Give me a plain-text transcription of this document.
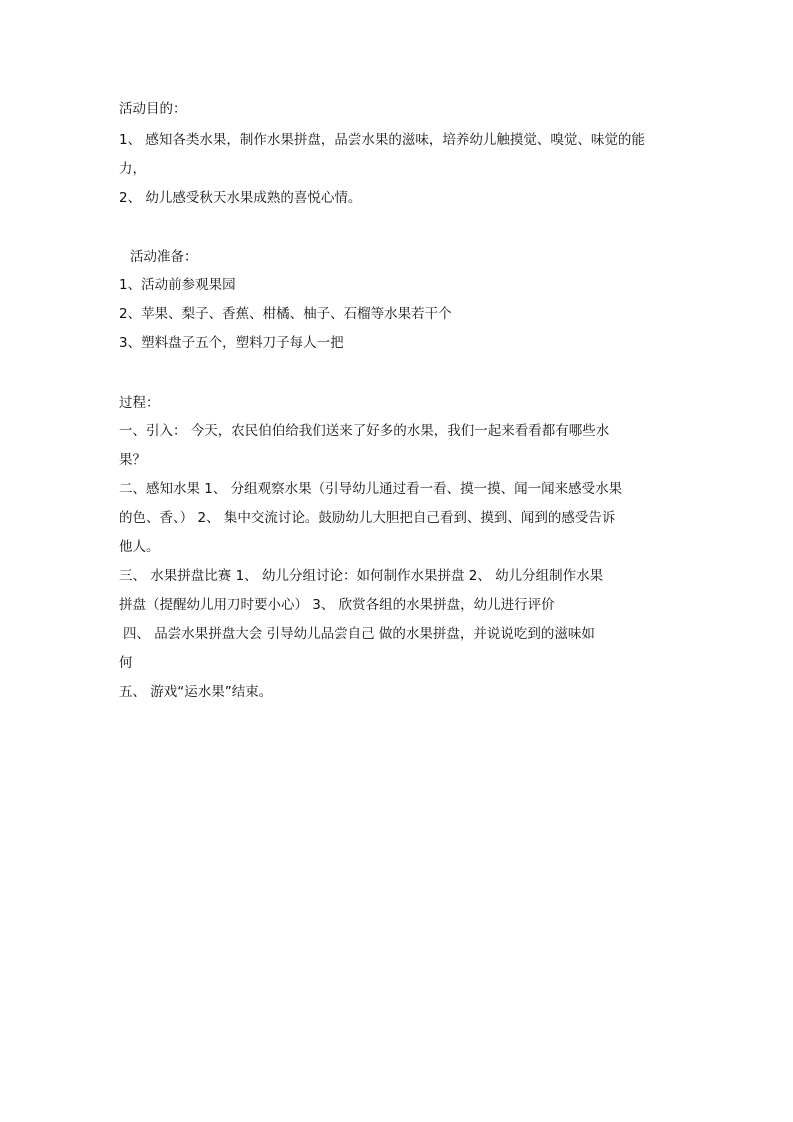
活动目的：
1、 感知各类水果，制作水果拼盘，品尝水果的滋味，培养幼儿触摸觉、嗅觉、味觉的能
力，
2、 幼儿感受秋天水果成熟的喜悦心情。
活动准备：
1、活动前参观果园
2、苹果、梨子、香蕉、柑橘、柚子、石榴等水果若干个
3、塑料盘子五个，塑料刀子每人一把
过程：
一、引入： 今天，农民伯伯给我们送来了好多的水果，我们一起来看看都有哪些水
果？
二、感知水果 1、 分组观察水果（引导幼儿通过看一看、摸一摸、闻一闻来感受水果
的色、香、） 2、 集中交流讨论。鼓励幼儿大胆把自己看到、摸到、闻到的感受告诉
他人。
三、 水果拼盘比赛 1、 幼儿分组讨论：如何制作水果拼盘 2、 幼儿分组制作水果
拼盘（提醒幼儿用刀时要小心） 3、 欣赏各组的水果拼盘，幼儿进行评价
四、 品尝水果拼盘大会 引导幼儿品尝自己 做的水果拼盘，并说说吃到的滋味如
何
五、 游戏“运水果”结束。
